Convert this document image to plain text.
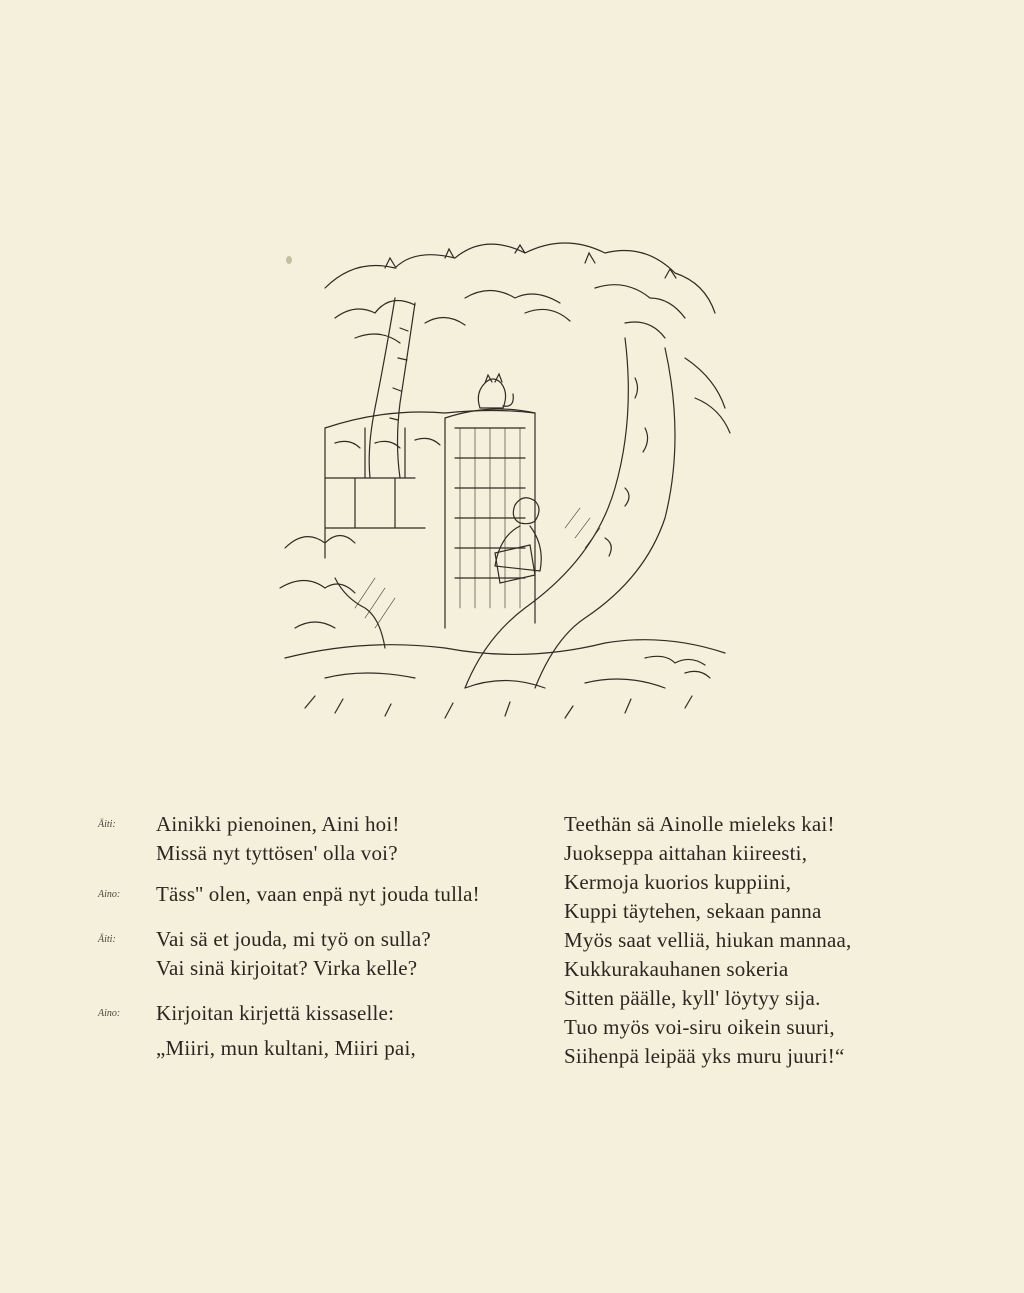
Äiti:	Ainikki pienoinen, Aini hoi!
Missä nyt tyttösen' olla voi?
Aino:	Täss'' olen, vaan enpä nyt jouda tulla!
Äiti:	Vai sä et jouda, mi työ on sulla?
Vai sinä kirjoitat? Virka kelle?
Aino:	Kirjoitan kirjettä kissaselle:
„Miiri, mun kultani, Miiri pai,
Teethän sä Ainolle mieleks kai!
Juokseppa aittahan kiireesti,
Kermoja kuorios kuppiini,
Kuppi täytehen, sekaan panna
Myös saat velliä, hiukan mannaa,
Kukkurakauhanen sokeria
Sitten päälle, kyll' löytyy sija.
Tuo myös voi-siru oikein suuri,
Siihenpä leipää yks muru juuri!“
